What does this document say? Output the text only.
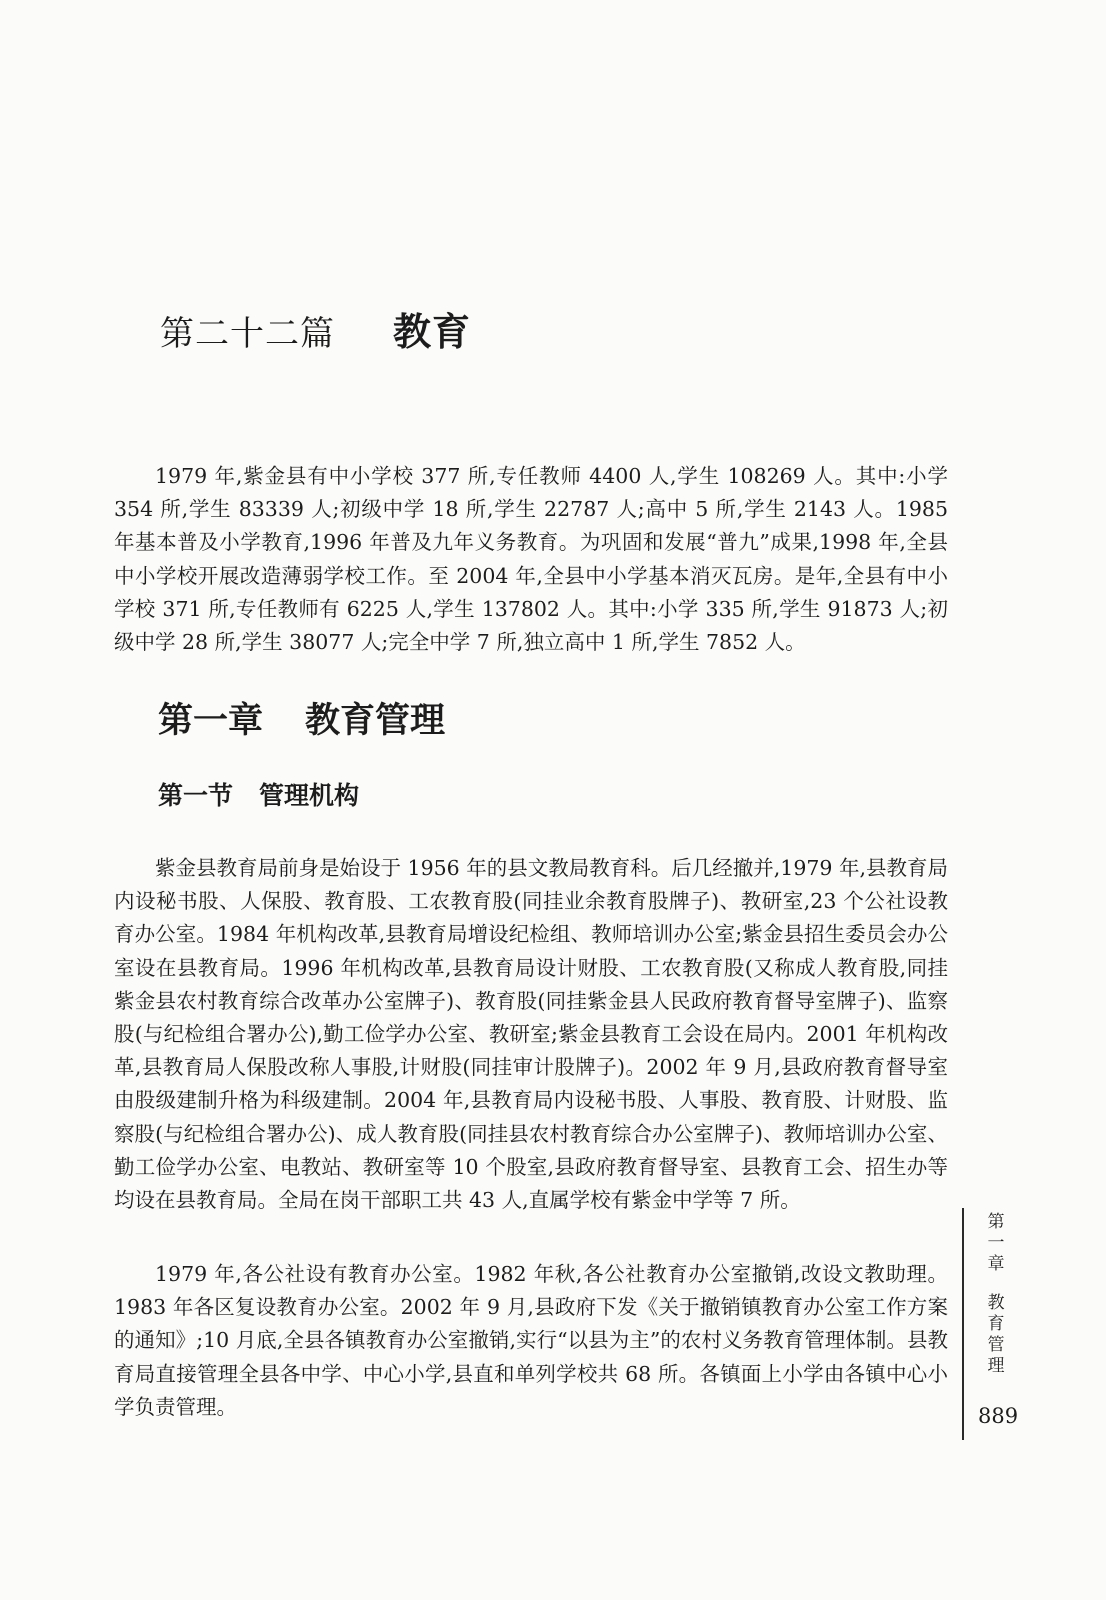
第二十二篇 教育

1979 年,紫金县有中小学校 377 所,专任教师 4400 人,学生 108269 人。其中:小学 354 所,学生 83339 人;初级中学 18 所,学生 22787 人;高中 5 所,学生 2143 人。1985 年基本普及小学教育,1996 年普及九年义务教育。为巩固和发展“普九”成果,1998 年,全县中小学校开展改造薄弱学校工作。至 2004 年,全县中小学基本消灭瓦房。是年,全县有中小学校 371 所,专任教师有 6225 人,学生 137802 人。其中:小学 335 所,学生 91873 人;初级中学 28 所,学生 38077 人;完全中学 7 所,独立高中 1 所,学生 7852 人。

第一章 教育管理
第一节 管理机构

紫金县教育局前身是始设于 1956 年的县文教局教育科。后几经撤并,1979 年,县教育局内设秘书股、人保股、教育股、工农教育股(同挂业余教育股牌子)、教研室,23 个公社设教育办公室。1984 年机构改革,县教育局增设纪检组、教师培训办公室;紫金县招生委员会办公室设在县教育局。1996 年机构改革,县教育局设计财股、工农教育股(又称成人教育股,同挂紫金县农村教育综合改革办公室牌子)、教育股(同挂紫金县人民政府教育督导室牌子)、监察股(与纪检组合署办公),勤工俭学办公室、教研室;紫金县教育工会设在局内。2001 年机构改革,县教育局人保股改称人事股,计财股(同挂审计股牌子)。2002 年 9 月,县政府教育督导室由股级建制升格为科级建制。2004 年,县教育局内设秘书股、人事股、教育股、计财股、监察股(与纪检组合署办公)、成人教育股(同挂县农村教育综合办公室牌子)、教师培训办公室、勤工俭学办公室、电教站、教研室等 10 个股室,县政府教育督导室、县教育工会、招生办等均设在县教育局。全局在岗干部职工共 43 人,直属学校有紫金中学等 7 所。

1979 年,各公社设有教育办公室。1982 年秋,各公社教育办公室撤销,改设文教助理。1983 年各区复设教育办公室。2002 年 9 月,县政府下发《关于撤销镇教育办公室工作方案的通知》;10 月底,全县各镇教育办公室撤销,实行“以县为主”的农村义务教育管理体制。县教育局直接管理全县各中学、中心小学,县直和单列学校共 68 所。各镇面上小学由各镇中心小学负责管理。

第
一
章
教
育
管
理
889
